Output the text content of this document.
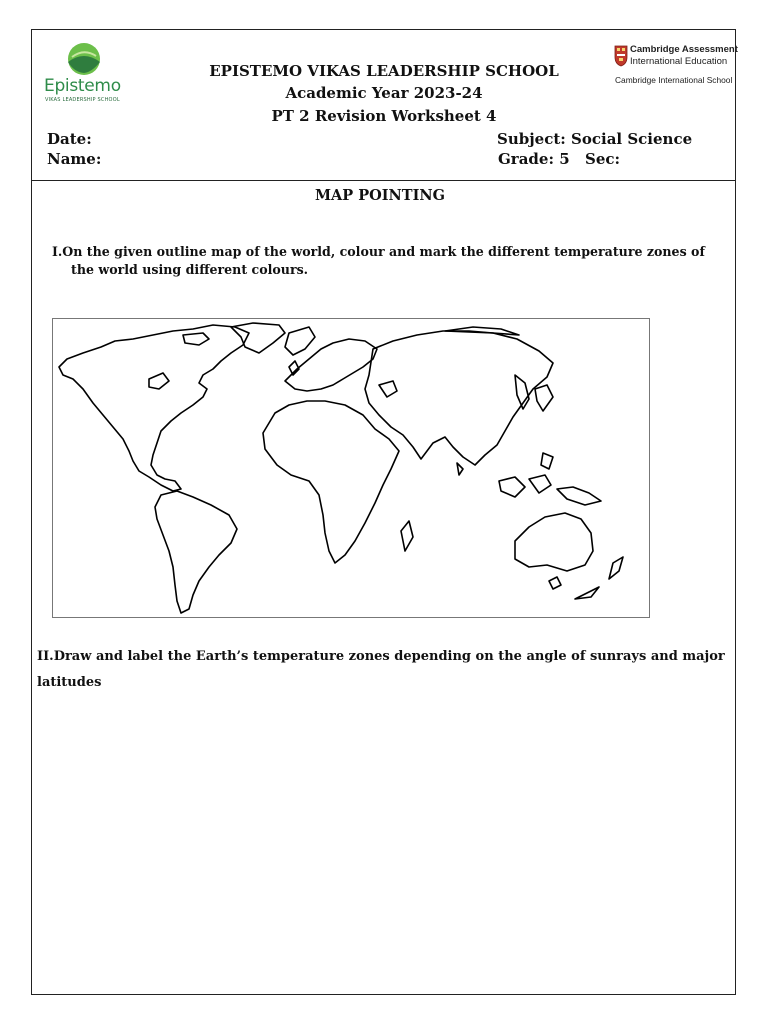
Epistemo
VIKAS LEADERSHIP SCHOOL
Cambridge Assessment
International Education
Cambridge International School
EPISTEMO VIKAS LEADERSHIP SCHOOL
Academic Year 2023-24
PT 2 Revision Worksheet 4
Date:
Name:
Subject: Social Science
Grade: 5 Sec:
MAP POINTING
I.On the given outline map of the world, colour and mark the different temperature zones of
the world using different colours.
II.Draw and label the Earth’s temperature zones depending on the angle of sunrays and major
latitudes
